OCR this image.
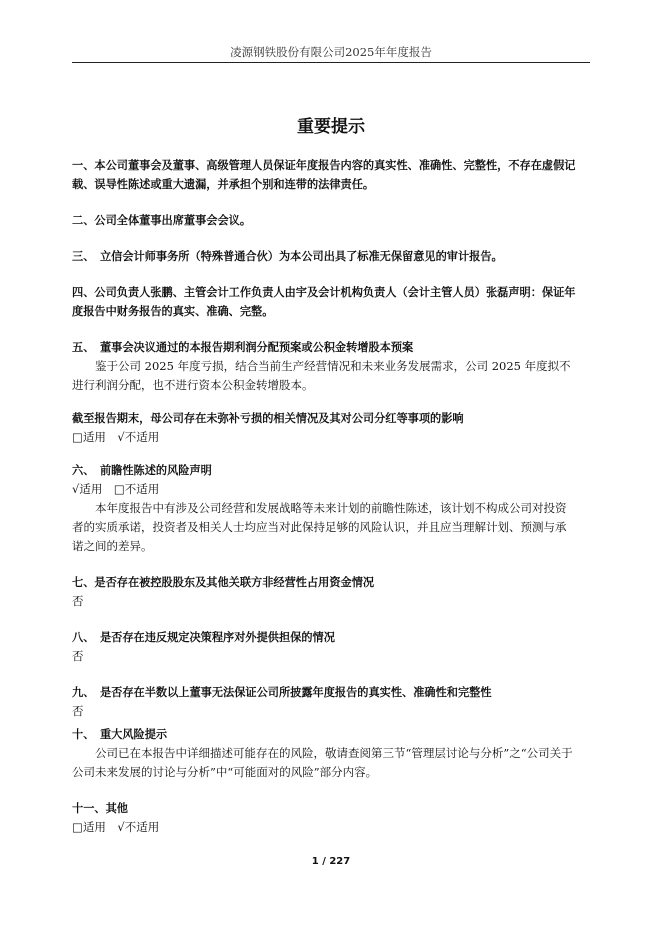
凌源钢铁股份有限公司2025年年度报告
重要提示

一、本公司董事会及董事、高级管理人员保证年度报告内容的真实性、准确性、完整性，不存在虚假记载、误导性陈述或重大遗漏，并承担个别和连带的法律责任。

二、公司全体董事出席董事会会议。

三、　立信会计师事务所（特殊普通合伙）为本公司出具了标准无保留意见的审计报告。

四、公司负责人张鹏、主管会计工作负责人由宇及会计机构负责人（会计主管人员）张磊声明：保证年度报告中财务报告的真实、准确、完整。

五、　董事会决议通过的本报告期利润分配预案或公积金转增股本预案

鉴于公司 2025 年度亏损，结合当前生产经营情况和未来业务发展需求，公司 2025 年度拟不进行利润分配，也不进行资本公积金转增股本。

截至报告期末，母公司存在未弥补亏损的相关情况及其对公司分红等事项的影响

□适用　√不适用

六、　前瞻性陈述的风险声明

√适用　□不适用

本年度报告中有涉及公司经营和发展战略等未来计划的前瞻性陈述，该计划不构成公司对投资者的实质承诺，投资者及相关人士均应当对此保持足够的风险认识，并且应当理解计划、预测与承诺之间的差异。

七、是否存在被控股股东及其他关联方非经营性占用资金情况

否

八、　是否存在违反规定决策程序对外提供担保的情况

否

九、　是否存在半数以上董事无法保证公司所披露年度报告的真实性、准确性和完整性

否

十、　重大风险提示

公司已在本报告中详细描述可能存在的风险，敬请查阅第三节“管理层讨论与分析”之“公司关于公司未来发展的讨论与分析”中“可能面对的风险”部分内容。

十一、其他

□适用　√不适用

1 / 227
